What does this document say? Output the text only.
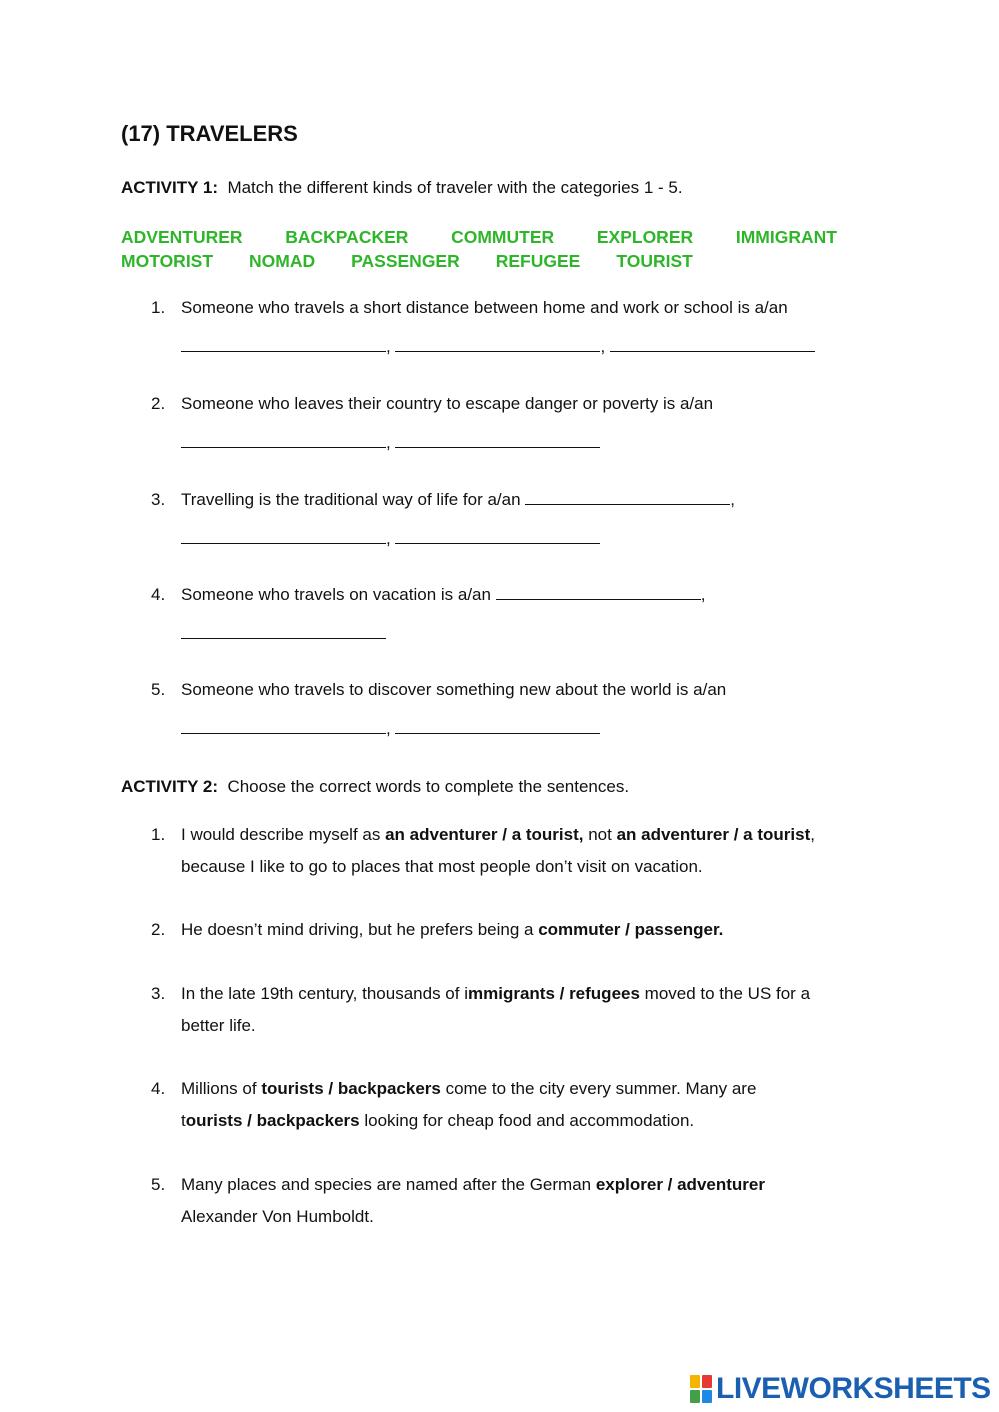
(17) TRAVELERS

ACTIVITY 1: Match the different kinds of traveler with the categories 1 - 5.

ADVENTURER BACKPACKER COMMUTER EXPLORER IMMIGRANT
MOTORIST NOMAD PASSENGER REFUGEE TOURIST
1. Someone who travels a short distance between home and work or school is a/an
,	,
2. Someone who leaves their country to escape danger or poverty is a/an
,
3. Travelling is the traditional way of life for a/an	,
,
4. Someone who travels on vacation is a/an	,
5. Someone who travels to discover something new about the world is a/an
,

ACTIVITY 2: Choose the correct words to complete the sentences.

1. I would describe myself as an adventurer / a tourist, not an adventurer / a tourist,
because I like to go to places that most people don’t visit on vacation.
2. He doesn’t mind driving, but he prefers being a commuter / passenger.
3. In the late 19th century, thousands of immigrants / refugees moved to the US for a
better life.
4. Millions of tourists / backpackers come to the city every summer. Many are
tourists / backpackers looking for cheap food and accommodation.
5. Many places and species are named after the German explorer / adventurer
Alexander Von Humboldt.
LIVEWORKSHEETS
